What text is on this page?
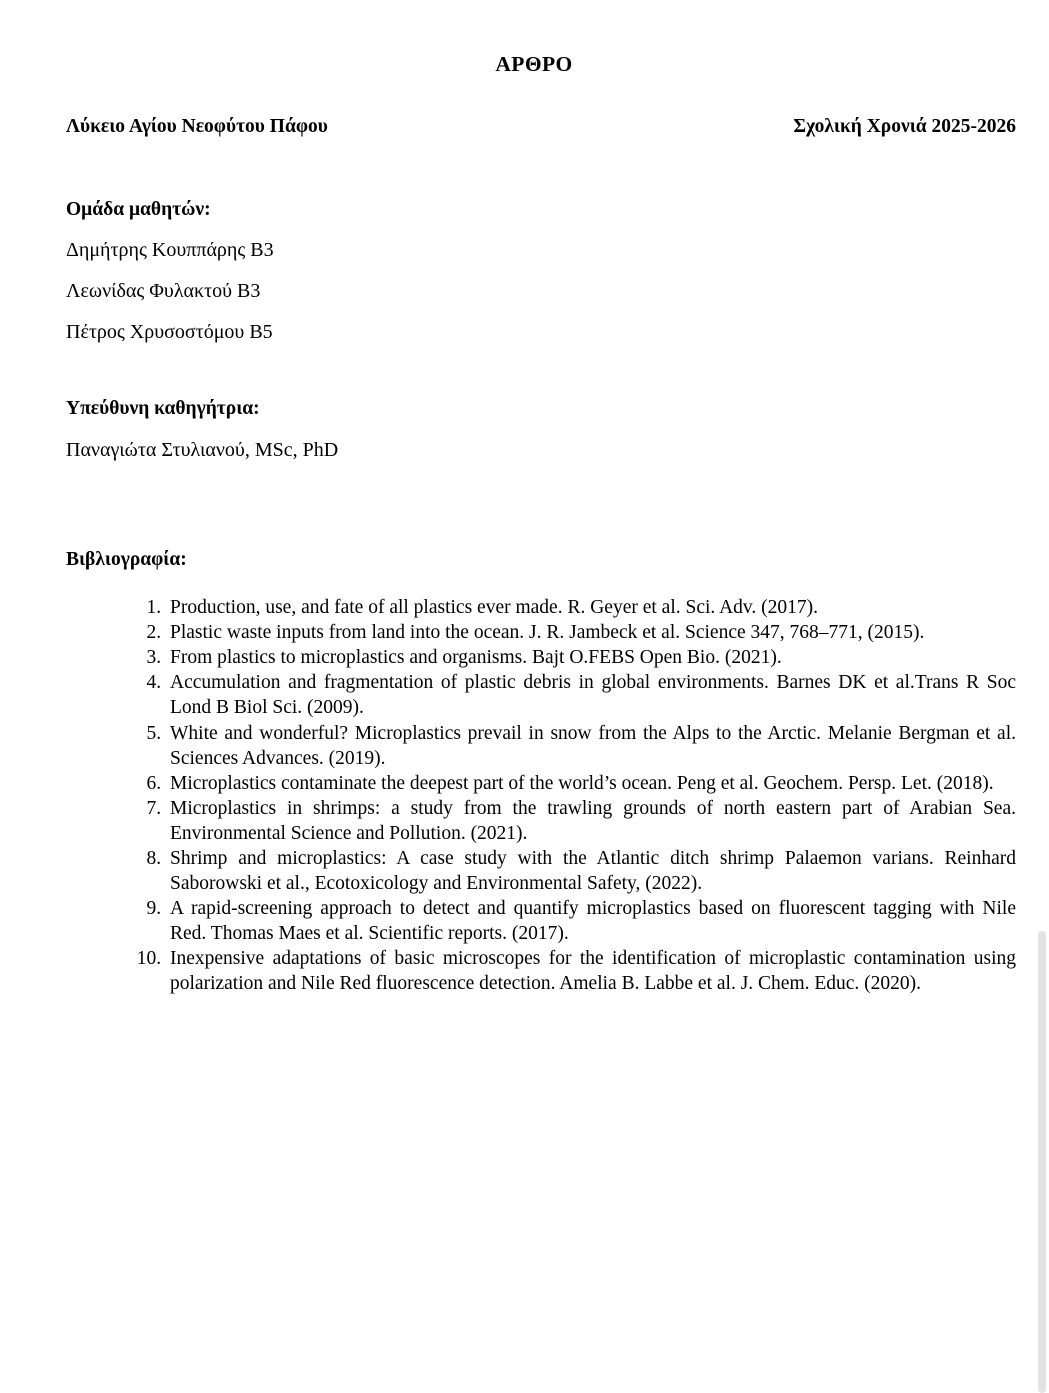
ΑΡΘΡΟ
Λύκειο Αγίου Νεοφύτου Πάφου	Σχολική Χρονιά 2025-2026
Ομάδα μαθητών:
Δημήτρης Κουππάρης Β3
Λεωνίδας Φυλακτού Β3
Πέτρος Χρυσοστόμου Β5
Υπεύθυνη καθηγήτρια:
Παναγιώτα Στυλιανού, MSc, PhD
Βιβλιογραφία:
1. Production, use, and fate of all plastics ever made. R. Geyer et al. Sci. Adv. (2017).
2. Plastic waste inputs from land into the ocean. J. R. Jambeck et al. Science 347, 768–771, (2015).
3. From plastics to microplastics and organisms. Bajt O.FEBS Open Bio. (2021).
4. Accumulation and fragmentation of plastic debris in global environments. Barnes DK et al.Trans R Soc Lond B Biol Sci. (2009).
5. White and wonderful? Microplastics prevail in snow from the Alps to the Arctic. Melanie Bergman et al. Sciences Advances. (2019).
6. Microplastics contaminate the deepest part of the world’s ocean. Peng et al. Geochem. Persp. Let. (2018).
7. Microplastics in shrimps: a study from the trawling grounds of north eastern part of Arabian Sea. Environmental Science and Pollution. (2021).
8. Shrimp and microplastics: A case study with the Atlantic ditch shrimp Palaemon varians. Reinhard Saborowski et al., Ecotoxicology and Environmental Safety, (2022).
9. A rapid-screening approach to detect and quantify microplastics based on fluorescent tagging with Nile Red. Thomas Maes et al. Scientific reports. (2017).
10. Inexpensive adaptations of basic microscopes for the identification of microplastic contamination using polarization and Nile Red fluorescence detection. Amelia B. Labbe et al. J. Chem. Educ. (2020).
